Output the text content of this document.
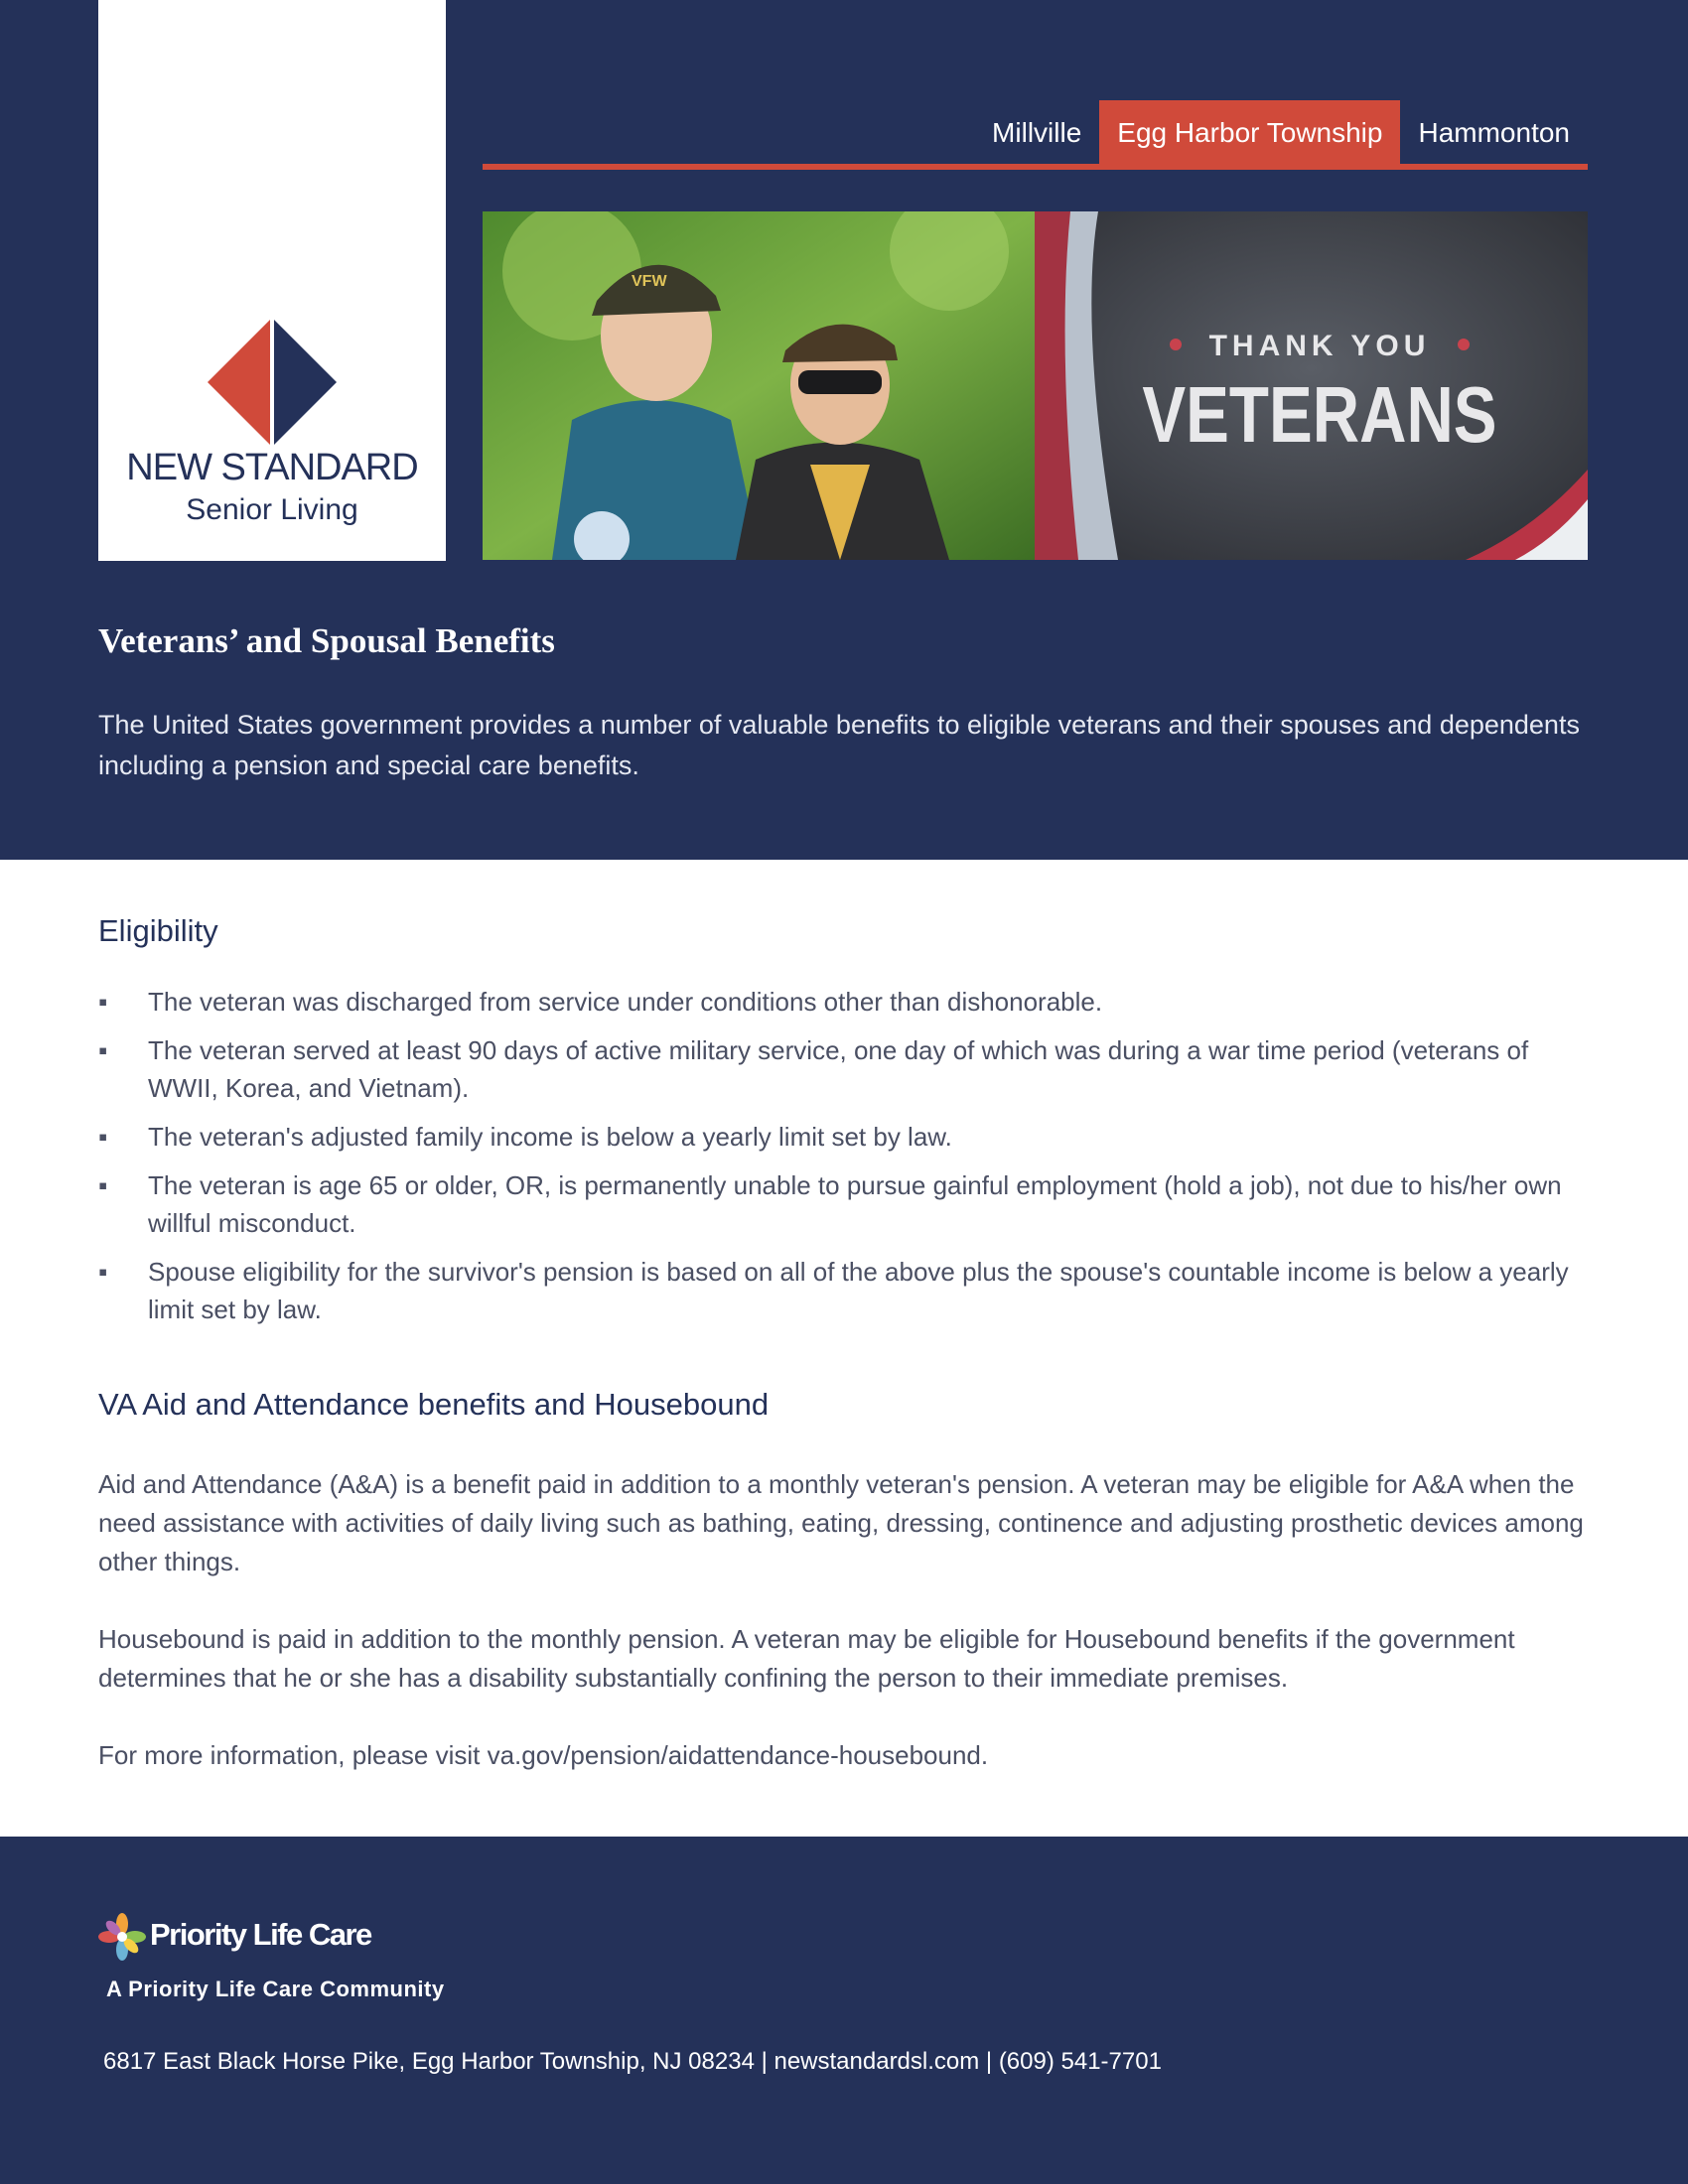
NEW STANDARD
Senior Living
Millville	Egg Harbor Township	Hammonton
VFW
THANK YOU
VETERANS
Veterans’ and Spousal Benefits

The United States government provides a number of valuable benefits to eligible veterans and their spouses and dependents including a pension and special care benefits.

Eligibility
▪ The veteran was discharged from service under conditions other than dishonorable.
▪ The veteran served at least 90 days of active military service, one day of which was during a war time period (veterans of WWII, Korea, and Vietnam).
▪ The veteran's adjusted family income is below a yearly limit set by law.
▪ The veteran is age 65 or older, OR, is permanently unable to pursue gainful employment (hold a job), not due to his/her own willful misconduct.
▪ Spouse eligibility for the survivor's pension is based on all of the above plus the spouse's countable income is below a yearly limit set by law.
VA Aid and Attendance benefits and Housebound

Aid and Attendance (A&A) is a benefit paid in addition to a monthly veteran's pension. A veteran may be eligible for A&A when the need assistance with activities of daily living such as bathing, eating, dressing, continence and adjusting prosthetic devices among other things.

Housebound is paid in addition to the monthly pension. A veteran may be eligible for Housebound benefits if the government determines that he or she has a disability substantially confining the person to their immediate premises.

For more information, please visit va.gov/pension/aidattendance-housebound.

Priority Life Care
A Priority Life Care Community
6817 East Black Horse Pike, Egg Harbor Township, NJ 08234 | newstandardsl.com | (609) 541-7701
